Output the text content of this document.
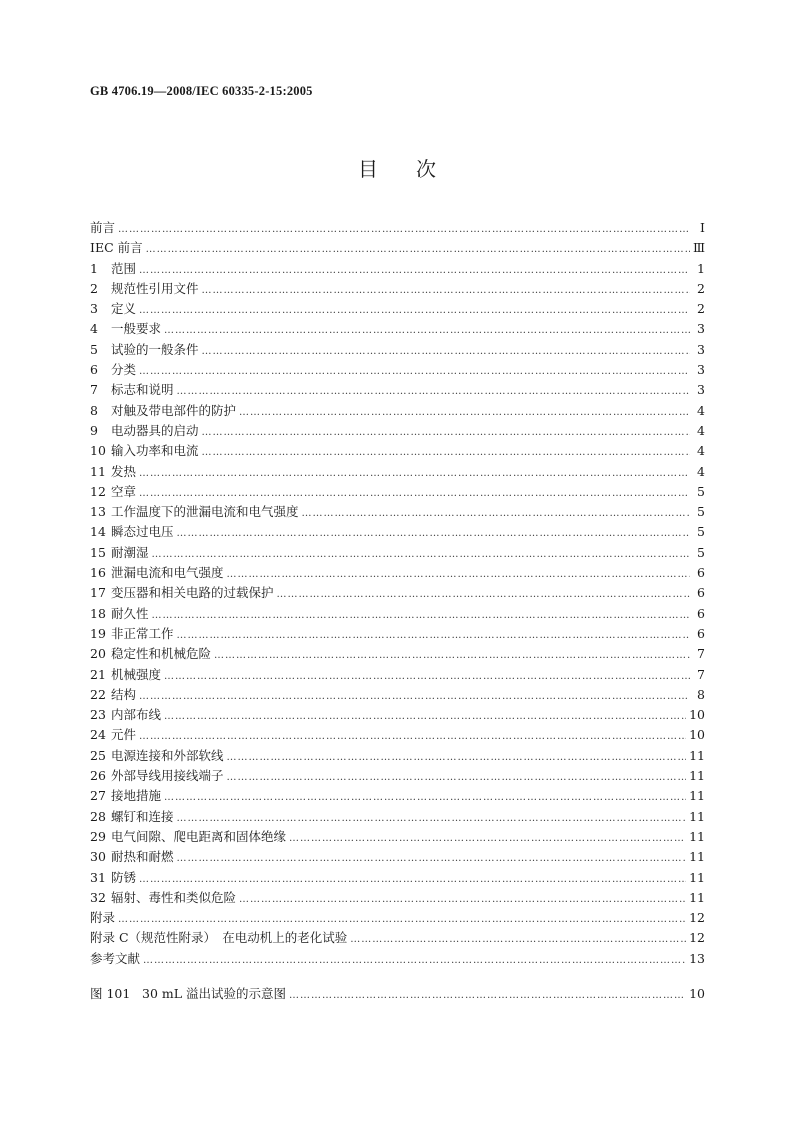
GB 4706.19—2008/IEC 60335-2-15:2005
目次
前言 ………………………………………………………………………………………………………………………………………………………………………………………………………………	Ⅰ
IEC 前言 ………………………………………………………………………………………………………………………………………………………………………………………………………………	Ⅲ
1	范围 ………………………………………………………………………………………………………………………………………………………………………………………………………………	1
2	规范性引用文件 ………………………………………………………………………………………………………………………………………………………………………………………………………………	2
3	定义 ………………………………………………………………………………………………………………………………………………………………………………………………………………	2
4	一般要求 ………………………………………………………………………………………………………………………………………………………………………………………………………………	3
5	试验的一般条件 ………………………………………………………………………………………………………………………………………………………………………………………………………………	3
6	分类 ………………………………………………………………………………………………………………………………………………………………………………………………………………	3
7	标志和说明 ………………………………………………………………………………………………………………………………………………………………………………………………………………	3
8	对触及带电部件的防护 ………………………………………………………………………………………………………………………………………………………………………………………………………………	4
9	电动器具的启动 ………………………………………………………………………………………………………………………………………………………………………………………………………………	4
10 输入功率和电流 ………………………………………………………………………………………………………………………………………………………………………………………………………………	4
11 发热 ………………………………………………………………………………………………………………………………………………………………………………………………………………	4
12 空章 ………………………………………………………………………………………………………………………………………………………………………………………………………………	5
13 工作温度下的泄漏电流和电气强度 ………………………………………………………………………………………………………………………………………………………………………………………………………………	5
14 瞬态过电压 ………………………………………………………………………………………………………………………………………………………………………………………………………………	5
15 耐潮湿 ………………………………………………………………………………………………………………………………………………………………………………………………………………	5
16 泄漏电流和电气强度 ………………………………………………………………………………………………………………………………………………………………………………………………………………	6
17 变压器和相关电路的过载保护 ………………………………………………………………………………………………………………………………………………………………………………………………………………	6
18 耐久性 ………………………………………………………………………………………………………………………………………………………………………………………………………………	6
19 非正常工作 ………………………………………………………………………………………………………………………………………………………………………………………………………………	6
20 稳定性和机械危险 ………………………………………………………………………………………………………………………………………………………………………………………………………………	7
21 机械强度 ………………………………………………………………………………………………………………………………………………………………………………………………………………	7
22 结构 ………………………………………………………………………………………………………………………………………………………………………………………………………………	8
23 内部布线 ………………………………………………………………………………………………………………………………………………………………………………………………………………	10
24 元件 ………………………………………………………………………………………………………………………………………………………………………………………………………………	10
25 电源连接和外部软线 ………………………………………………………………………………………………………………………………………………………………………………………………………………	11
26 外部导线用接线端子 ………………………………………………………………………………………………………………………………………………………………………………………………………………	11
27 接地措施 ………………………………………………………………………………………………………………………………………………………………………………………………………………	11
28 螺钉和连接 ………………………………………………………………………………………………………………………………………………………………………………………………………………	11
29 电气间隙、爬电距离和固体绝缘 ………………………………………………………………………………………………………………………………………………………………………………………………………………	11
30 耐热和耐燃 ………………………………………………………………………………………………………………………………………………………………………………………………………………	11
31 防锈 ………………………………………………………………………………………………………………………………………………………………………………………………………………	11
32 辐射、毒性和类似危险 ………………………………………………………………………………………………………………………………………………………………………………………………………………	11
附录 ………………………………………………………………………………………………………………………………………………………………………………………………………………	12
附录 C（规范性附录）　在电动机上的老化试验 ………………………………………………………………………………………………………………………………………………………………………………………………………………	12
参考文献 ………………………………………………………………………………………………………………………………………………………………………………………………………………	13
图 101 30 mL 溢出试验的示意图 ………………………………………………………………………………………………………………………………………………………………………………………………………………	10
